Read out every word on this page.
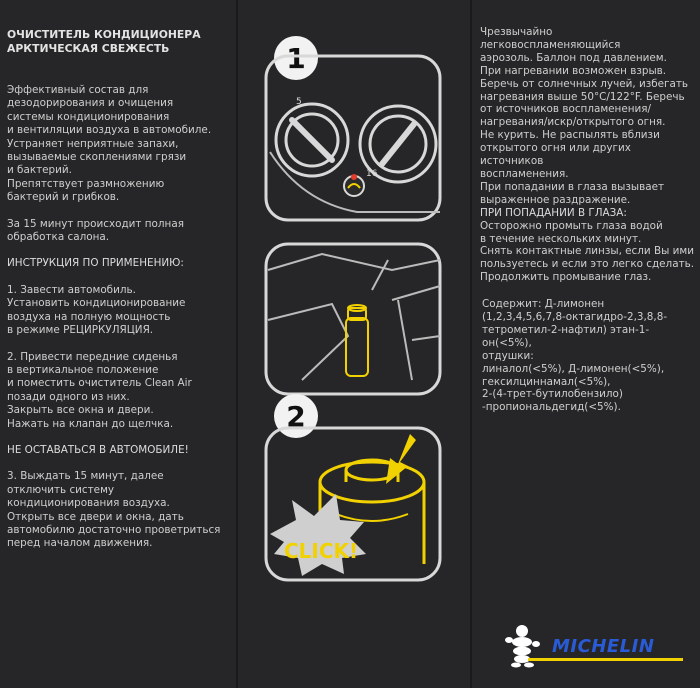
ОЧИСТИТЕЛЬ КОНДИЦИОНЕРА
АРКТИЧЕСКАЯ СВЕЖЕСТЬ

Эффективный состав для
дезодорирования и очищения
системы кондиционирования
и вентиляции воздуха в автомобиле.
Устраняет неприятные запахи,
вызываемые скоплениями грязи
и бактерий.
Препятствует размножению
бактерий и грибков.

За 15 минут происходит полная
обработка салона.

ИНСТРУКЦИЯ ПО ПРИМЕНЕНИЮ:

1. Завести автомобиль.
Установить кондиционирование
воздуха на полную мощность
в режиме РЕЦИРКУЛЯЦИЯ.

2. Привести передние сиденья
в вертикальное положение
и поместить очиститель Clean Air
позади одного из них.
Закрыть все окна и двери.
Нажать на клапан до щелчка.

НЕ ОСТАВАТЬСЯ В АВТОМОБИЛЕ!

3. Выждать 15 минут, далее
отключить систему
кондиционирования воздуха.
Открыть все двери и окна, дать
автомобилю достаточно проветриться
перед началом движения.

1
5
16
2
CLICK!

Чрезвычайно легковоспламеняющийся
аэрозоль. Баллон под давлением.
При нагревании возможен взрыв.
Беречь от солнечных лучей, избегать
нагревания выше 50°C/122°F. Беречь
от источников воспламенения/
нагревания/искр/открытого огня.
Не курить. Не распылять вблизи
открытого огня или других источников
воспламенения.
При попадании в глаза вызывает
выраженное раздражение.

ПРИ ПОПАДАНИИ В ГЛАЗА:

Осторожно промыть глаза водой
в течение нескольких минут.
Снять контактные линзы, если Вы ими
пользуетесь и если это легко сделать.
Продолжить промывание глаз.

Содержит: Д-лимонен
(1,2,3,4,5,6,7,8-октагидро-2,3,8,8-
тетрометил-2-нафтил) этан-1-он(<5%),
отдушки:
линалол(<5%), Д-лимонен(<5%),
гексилциннамал(<5%),
2-(4-трет-бутилобензило)
-пропиональдегид(<5%).

MICHELIN
